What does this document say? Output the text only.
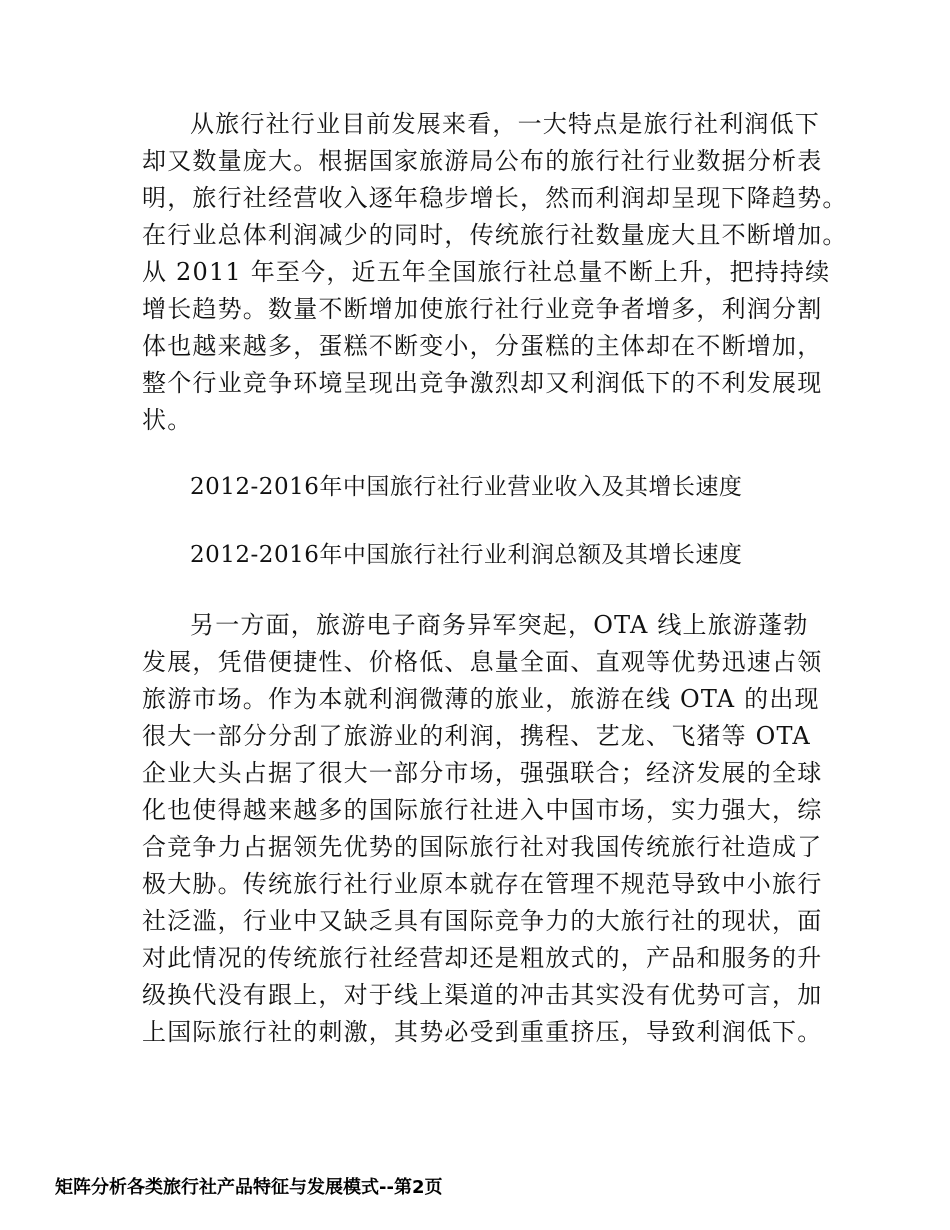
从旅行社行业目前发展来看，一大特点是旅行社利润低下
却又数量庞大。根据国家旅游局公布的旅行社行业数据分析表
明，旅行社经营收入逐年稳步增长，然而利润却呈现下降趋势。
在行业总体利润减少的同时，传统旅行社数量庞大且不断增加。
从 2011 年至今，近五年全国旅行社总量不断上升，把持持续
增长趋势。数量不断增加使旅行社行业竞争者增多，利润分割
体也越来越多，蛋糕不断变小，分蛋糕的主体却在不断增加，
整个行业竞争环境呈现出竞争激烈却又利润低下的不利发展现
状。
2012-2016年中国旅行社行业营业收入及其增长速度
2012-2016年中国旅行社行业利润总额及其增长速度
另一方面，旅游电子商务异军突起，OTA 线上旅游蓬勃
发展，凭借便捷性、价格低、息量全面、直观等优势迅速占领
旅游市场。作为本就利润微薄的旅业，旅游在线 OTA 的出现
很大一部分分刮了旅游业的利润，携程、艺龙、飞猪等 OTA
企业大头占据了很大一部分市场，强强联合；经济发展的全球
化也使得越来越多的国际旅行社进入中国市场，实力强大，综
合竞争力占据领先优势的国际旅行社对我国传统旅行社造成了
极大胁。传统旅行社行业原本就存在管理不规范导致中小旅行
社泛滥，行业中又缺乏具有国际竞争力的大旅行社的现状，面
对此情况的传统旅行社经营却还是粗放式的，产品和服务的升
级换代没有跟上，对于线上渠道的冲击其实没有优势可言，加
上国际旅行社的刺激，其势必受到重重挤压，导致利润低下。
矩阵分析各类旅行社产品特征与发展模式--第2页
